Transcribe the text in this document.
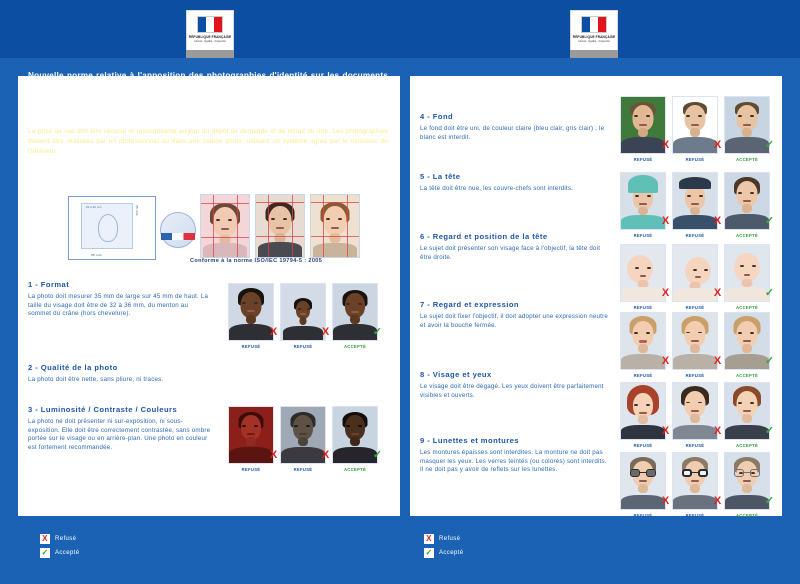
RÉPUBLIQUE FRANÇAISE
Liberté · Égalité · Fraternité
RÉPUBLIQUE FRANÇAISE
Liberté · Égalité · Fraternité
Nouvelle norme relative à l'apposition des photographies d'identité sur les documents d'identité et de voyage français, notamment les cartes nationales d'identité et les passeports, ainsi que sur les permis de conduire et les titres de séjour pour étrangers. (norme ISO/IEC 19794-5 : 2005)
La prise de vue doit être récente et ressemblante au jour du dépôt de demande et de retrait du titre. Les photographies doivent être réalisées par un professionnel ou dans une cabine photo, utilisant un système agréé par le ministère de l'Intérieur.
32 à 36 mm	45 mm
35 mm
Conforme à la norme ISO/IEC 19794-5 : 2005
1 - Format
La photo doit mesurer 35 mm de large sur 45 mm de haut. La taille du visage doit être de 32 à 36 mm, du menton au sommet du crâne (hors chevelure).
2 - Qualité de la photo
La photo doit être nette, sans pliure, ni traces.
3 - Luminosité / Contraste / Couleurs
La photo ne doit présenter ni sur-exposition, ni sous-exposition. Elle doit être correctement contrastée, sans ombre portée sur le visage ou en arrière-plan. Une photo en couleur est fortement recommandée.
X
REFUSÉ
X
REFUSÉ
✓
ACCEPTÉ
X
REFUSÉ
X
REFUSÉ
✓
ACCEPTÉ
4 - Fond
Le fond doit être uni, de couleur claire (bleu clair, gris clair) ; le blanc est interdit.
5 - La tête
La tête doit être nue, les couvre-chefs sont interdits.
6 - Regard et position de la tête
Le sujet doit présenter son visage face à l'objectif, la tête doit être droite.
7 - Regard et expression
Le sujet doit fixer l'objectif, il doit adopter une expression neutre et avoir la bouche fermée.
8 - Visage et yeux
Le visage doit être dégagé. Les yeux doivent être parfaitement visibles et ouverts.
9 - Lunettes et montures
Les montures épaisses sont interdites. La monture ne doit pas masquer les yeux. Les verres teintés (ou colorés) sont interdits. Il ne doit pas y avoir de reflets sur les lunettes.
X
REFUSÉ
X
REFUSÉ
✓
ACCEPTÉ
X
REFUSÉ
X
REFUSÉ
✓
ACCEPTÉ
X
REFUSÉ
X
REFUSÉ
✓
ACCEPTÉ
X
REFUSÉ
X
REFUSÉ
✓
ACCEPTÉ
X
REFUSÉ
X
REFUSÉ
✓
ACCEPTÉ
X
REFUSÉ
X
REFUSÉ
✓
ACCEPTÉ
X	Refusé
✓ Accepté
X	Refusé
✓ Accepté
